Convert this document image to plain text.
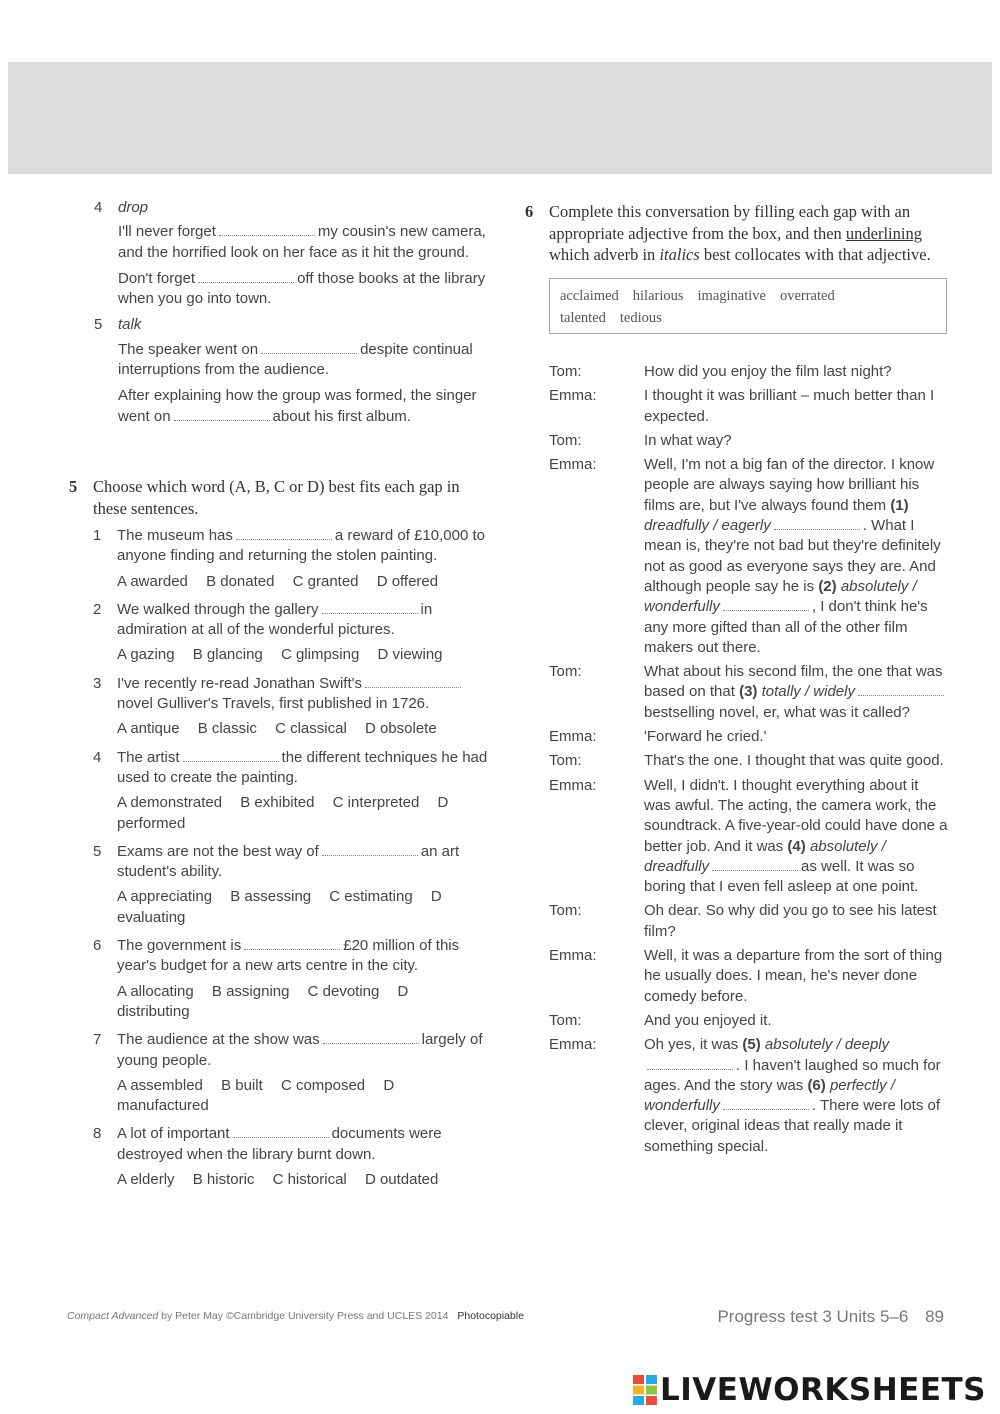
4 drop
I'll never forget	my cousin's new camera, and the horrified look on her face as it hit the ground.
Don't forget	off those books at the library when you go into town.
5 talk
The speaker went on	despite continual interruptions from the audience.
After explaining how the group was formed, the singer went on	about his first album.
5 Choose which word (A, B, C or D) best fits each gap in these sentences.
1 The museum has	a reward of £10,000 to anyone finding and returning the stolen painting.
A awarded B donated C granted D offered
2 We walked through the gallery	in admiration at all of the wonderful pictures.
A gazing B glancing C glimpsing D viewing
3 I've recently re-read Jonathan Swift'snovel Gulliver's Travels, first published in 1726.
A antique B classic C classical D obsolete
4 The artist	the different techniques he had used to create the painting.
A demonstrated B exhibited C interpreted D performed
5 Exams are not the best way of	an art student's ability.
A appreciating B assessing C estimating D evaluating
6 The government is	£20 million of this year's budget for a new arts centre in the city.
A allocating B assigning C devoting D distributing
7 The audience at the show was	largely of young people.
A assembled B built C composed D manufactured
8 A lot of important	documents were destroyed when the library burnt down.
A elderly B historic C historical D outdated
6 Complete this conversation by filling each gap with an appropriate adjective from the box, and then underlining which adverb in italics best collocates with that adjective.
acclaimed hilarious imaginative overrated
talented tedious
Tom:	How did you enjoy the film last night?
Emma:	I thought it was brilliant – much better than I expected.
Tom:	In what way?
Emma:	Well, I'm not a big fan of the director. I know people are always saying how brilliant his films are, but I've always found them (1) dreadfully / eagerly	. What I mean is, they're not bad but they're definitely not as good as everyone says they are. And although people say he is (2) absolutely / wonderfully	, I don't think he's any more gifted than all of the other film makers out there.
Tom:	What about his second film, the one that was based on that (3) totally / widelybestselling novel, er, what was it called?
Emma:	'Forward he cried.'
Tom:	That's the one. I thought that was quite good.
Emma:	Well, I didn't. I thought everything about it was awful. The acting, the camera work, the soundtrack. A five-year-old could have done a better job. And it was (4) absolutely / dreadfully	as well. It was so boring that I even fell asleep at one point.
Tom:	Oh dear. So why did you go to see his latest film?
Emma:	Well, it was a departure from the sort of thing he usually does. I mean, he's never done comedy before.
Tom:	And you enjoyed it.
Emma:	Oh yes, it was (5) absolutely / deeply. I haven't laughed so much for ages. And the story was (6) perfectly / wonderfully	. There were lots of clever, original ideas that really made it something special.
Compact Advanced by Peter May ©Cambridge University Press and UCLES 2014 Photocopiable	Progress test 3 Units 5–6 89
LIVEWORKSHEETS
